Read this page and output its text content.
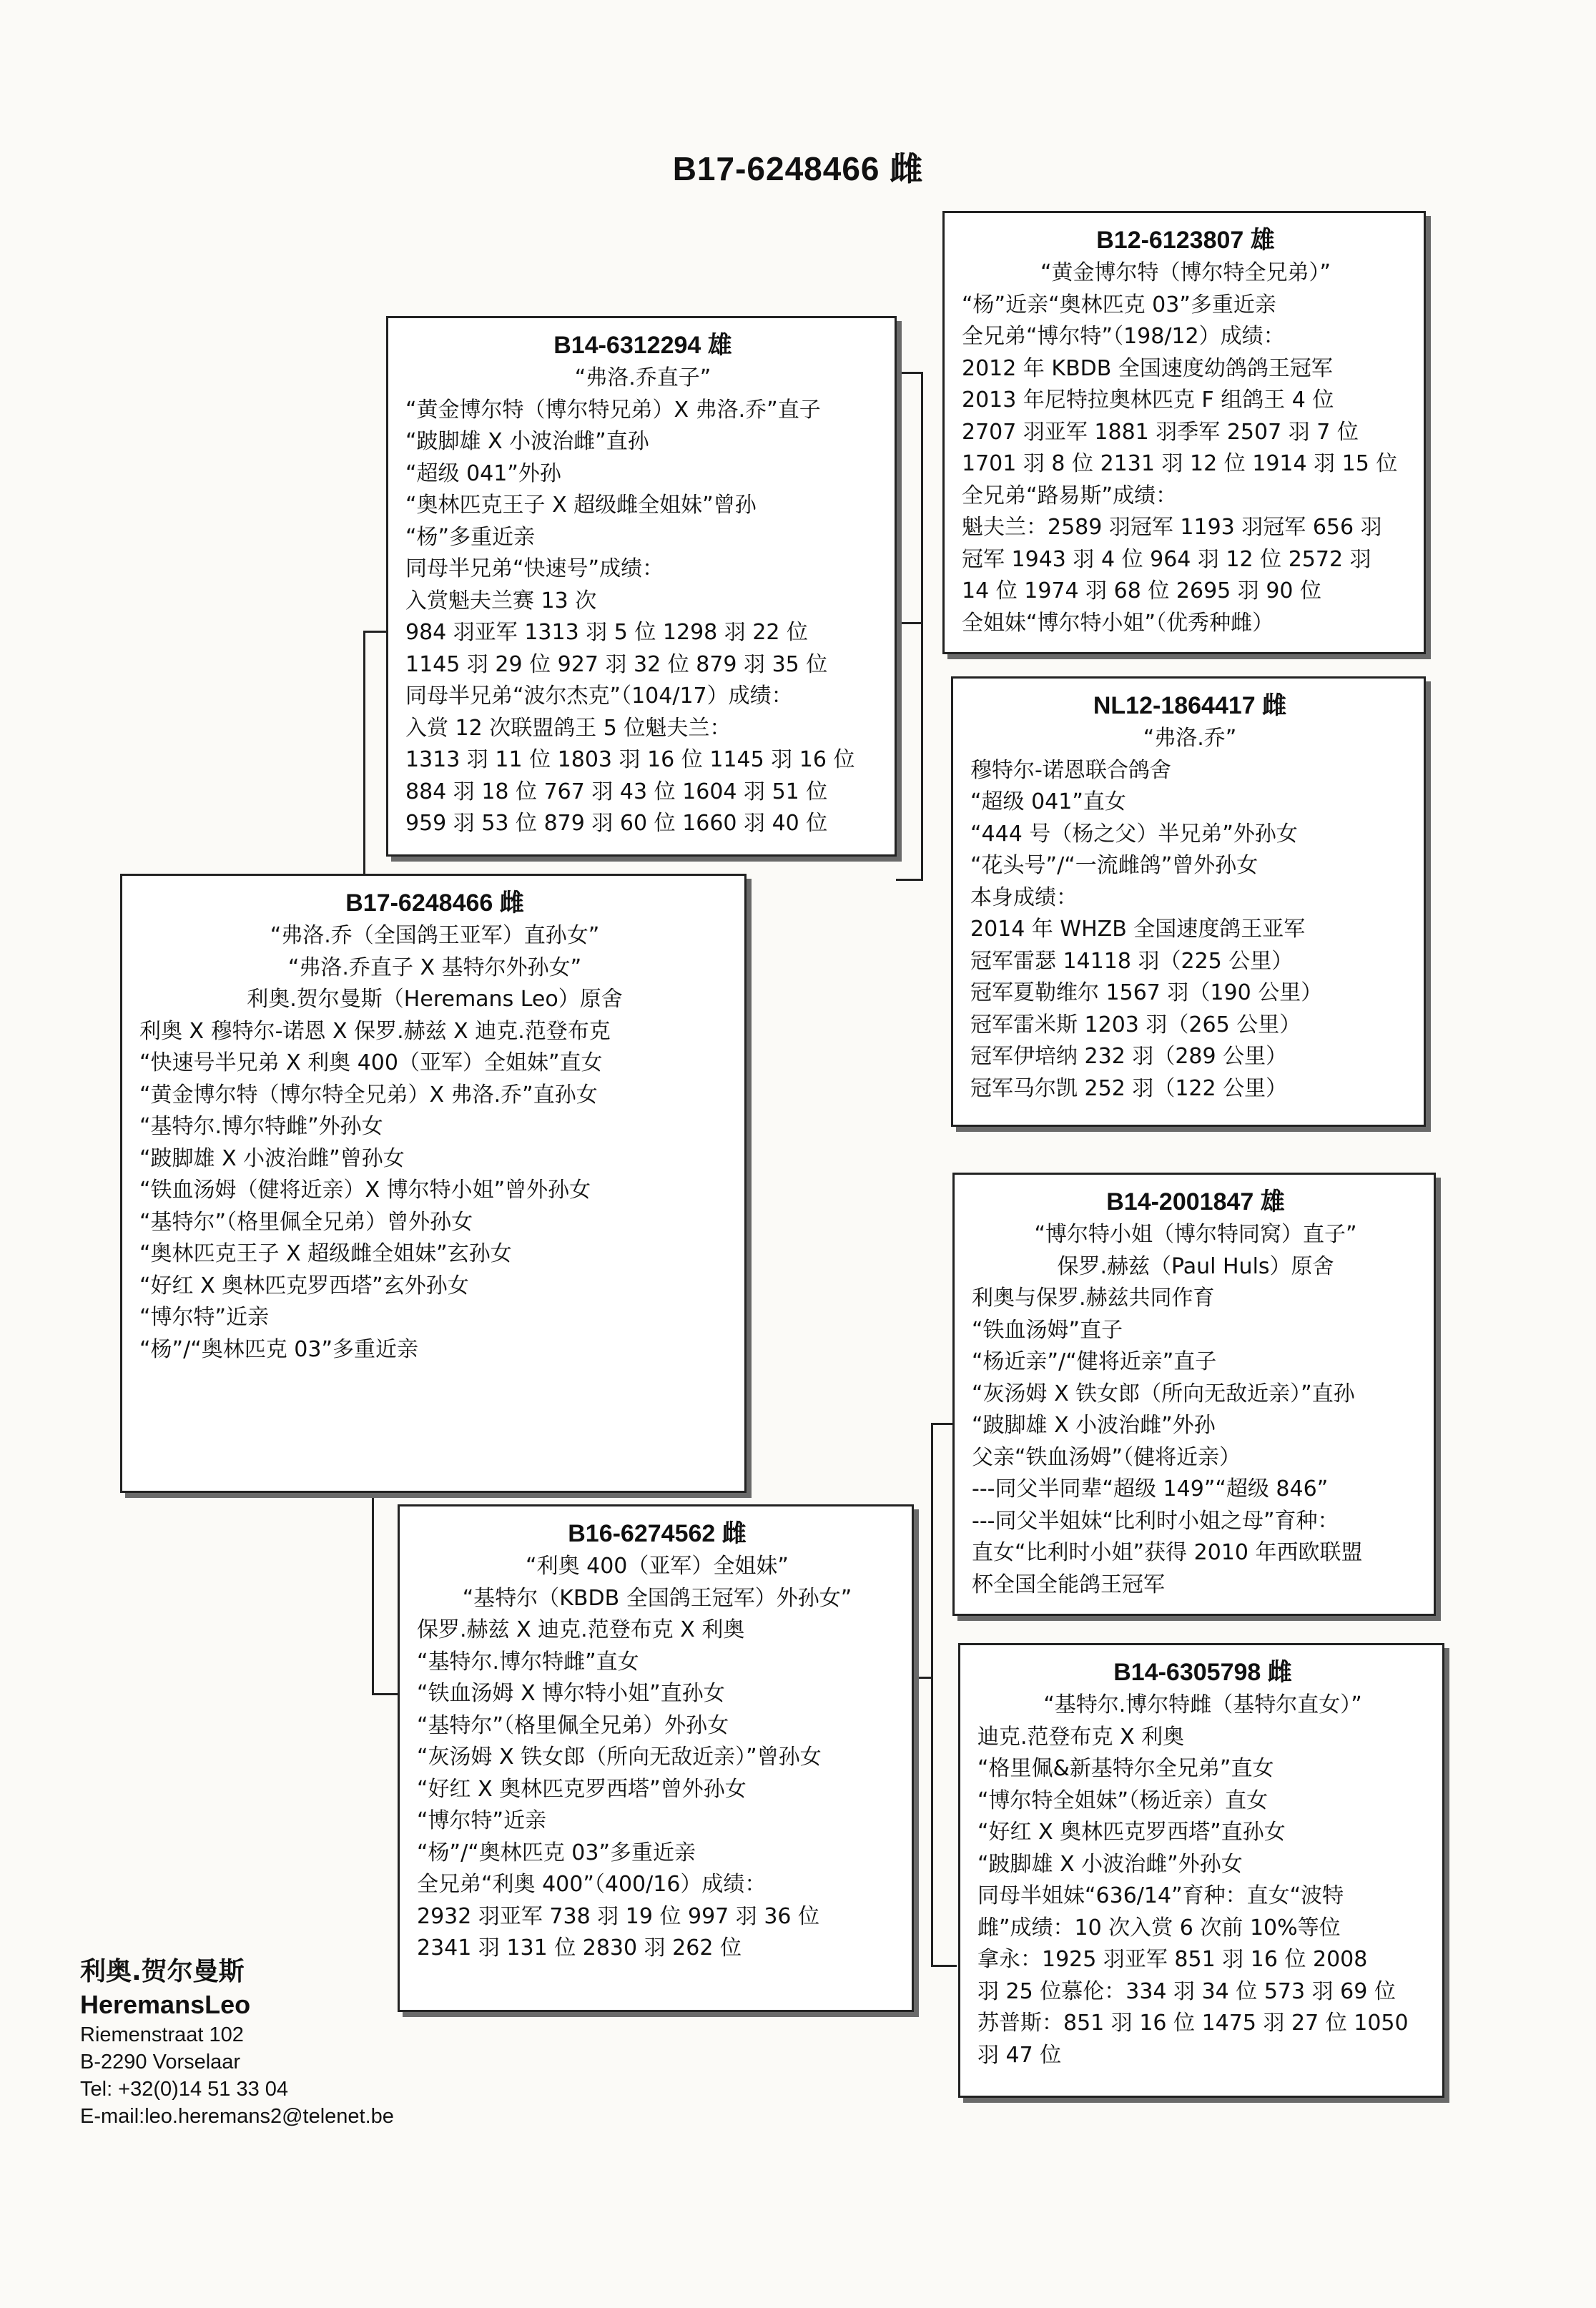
B17-6248466 雌
B12-6123807 雄
“黄金博尔特（博尔特全兄弟）”
“杨”近亲“奥林匹克 03”多重近亲
全兄弟“博尔特”（198/12）成绩：
2012 年 KBDB 全国速度幼鸽鸽王冠军
2013 年尼特拉奥林匹克 F 组鸽王 4 位
2707 羽亚军 1881 羽季军 2507 羽 7 位
1701 羽 8 位 2131 羽 12 位 1914 羽 15 位
全兄弟“路易斯”成绩：
魁夫兰：2589 羽冠军 1193 羽冠军 656 羽
冠军 1943 羽 4 位 964 羽 12 位 2572 羽
14 位 1974 羽 68 位 2695 羽 90 位
全姐妹“博尔特小姐”（优秀种雌）
B14-6312294 雄
“弗洛.乔直子”
“黄金博尔特（博尔特兄弟）X 弗洛.乔”直子
“跛脚雄 X 小波治雌”直孙
“超级 041”外孙
“奥林匹克王子 X 超级雌全姐妹”曾孙
“杨”多重近亲
同母半兄弟“快速号”成绩：
入赏魁夫兰赛 13 次
984 羽亚军 1313 羽 5 位 1298 羽 22 位
1145 羽 29 位 927 羽 32 位 879 羽 35 位
同母半兄弟“波尔杰克”（104/17）成绩：
入赏 12 次联盟鸽王 5 位魁夫兰：
1313 羽 11 位 1803 羽 16 位 1145 羽 16 位
884 羽 18 位 767 羽 43 位 1604 羽 51 位
959 羽 53 位 879 羽 60 位 1660 羽 40 位
NL12-1864417 雌
“弗洛.乔”
穆特尔-诺恩联合鸽舍
“超级 041”直女
“444 号（杨之父）半兄弟”外孙女
“花头号”/“一流雌鸽”曾外孙女
本身成绩：
2014 年 WHZB 全国速度鸽王亚军
冠军雷瑟 14118 羽（225 公里）
冠军夏勒维尔 1567 羽（190 公里）
冠军雷米斯 1203 羽（265 公里）
冠军伊培纳 232 羽（289 公里）
冠军马尔凯 252 羽（122 公里）
B17-6248466 雌
“弗洛.乔（全国鸽王亚军）直孙女”
“弗洛.乔直子 X 基特尔外孙女”
利奥.贺尔曼斯（Heremans Leo）原舍
利奥 X 穆特尔-诺恩 X 保罗.赫兹 X 迪克.范登布克
“快速号半兄弟 X 利奥 400（亚军）全姐妹”直女
“黄金博尔特（博尔特全兄弟）X 弗洛.乔”直孙女
“基特尔.博尔特雌”外孙女
“跛脚雄 X 小波治雌”曾孙女
“铁血汤姆（健将近亲）X 博尔特小姐”曾外孙女
“基特尔”（格里佩全兄弟）曾外孙女
“奥林匹克王子 X 超级雌全姐妹”玄孙女
“好红 X 奥林匹克罗西塔”玄外孙女
“博尔特”近亲
“杨”/“奥林匹克 03”多重近亲
B14-2001847 雄
“博尔特小姐（博尔特同窝）直子”
保罗.赫兹（Paul Huls）原舍
利奥与保罗.赫兹共同作育
“铁血汤姆”直子
“杨近亲”/“健将近亲”直子
“灰汤姆 X 铁女郎（所向无敌近亲）”直孙
“跛脚雄 X 小波治雌”外孙
父亲“铁血汤姆”（健将近亲）
---同父半同辈“超级 149”“超级 846”
---同父半姐妹“比利时小姐之母”育种：
直女“比利时小姐”获得 2010 年西欧联盟
杯全国全能鸽王冠军
B16-6274562 雌
“利奥 400（亚军）全姐妹”
“基特尔（KBDB 全国鸽王冠军）外孙女”
保罗.赫兹 X 迪克.范登布克 X 利奥
“基特尔.博尔特雌”直女
“铁血汤姆 X 博尔特小姐”直孙女
“基特尔”（格里佩全兄弟）外孙女
“灰汤姆 X 铁女郎（所向无敌近亲）”曾孙女
“好红 X 奥林匹克罗西塔”曾外孙女
“博尔特”近亲
“杨”/“奥林匹克 03”多重近亲
全兄弟“利奥 400”（400/16）成绩：
2932 羽亚军 738 羽 19 位 997 羽 36 位
2341 羽 131 位 2830 羽 262 位
B14-6305798 雌
“基特尔.博尔特雌（基特尔直女）”
迪克.范登布克 X 利奥
“格里佩&新基特尔全兄弟”直女
“博尔特全姐妹”（杨近亲）直女
“好红 X 奥林匹克罗西塔”直孙女
“跛脚雄 X 小波治雌”外孙女
同母半姐妹“636/14”育种：直女“波特
雌”成绩：10 次入赏 6 次前 10%等位
拿永：1925 羽亚军 851 羽 16 位 2008
羽 25 位慕伦：334 羽 34 位 573 羽 69 位
苏普斯：851 羽 16 位 1475 羽 27 位 1050
羽 47 位
利奥.贺尔曼斯
HeremansLeo
Riemenstraat 102
B-2290 Vorselaar
Tel: +32(0)14 51 33 04
E-mail:leo.heremans2@telenet.be
